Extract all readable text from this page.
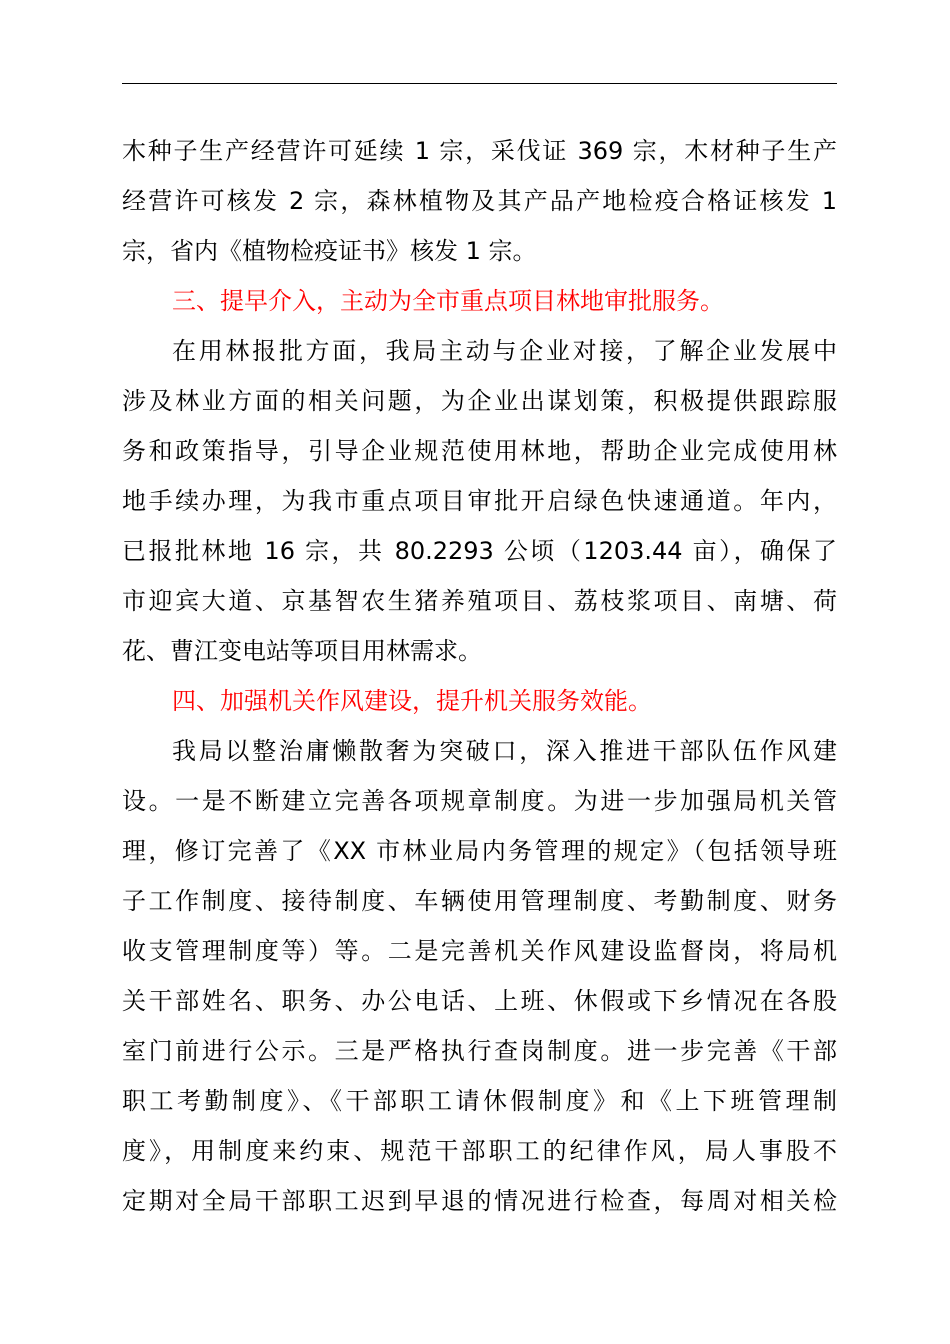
木种子生产经营许可延续 1 宗，采伐证 369 宗，木材种子生产
经营许可核发 2 宗，森林植物及其产品产地检疫合格证核发 1
宗，省内《植物检疫证书》核发 1 宗。
三、提早介入，主动为全市重点项目林地审批服务。
在用林报批方面，我局主动与企业对接，了解企业发展中
涉及林业方面的相关问题，为企业出谋划策，积极提供跟踪服
务和政策指导，引导企业规范使用林地，帮助企业完成使用林
地手续办理，为我市重点项目审批开启绿色快速通道。年内，
已报批林地 16 宗，共 80.2293 公顷（1203.44 亩），确保了
市迎宾大道、京基智农生猪养殖项目、荔枝浆项目、南塘、荷
花、曹江变电站等项目用林需求。
四、加强机关作风建设，提升机关服务效能。
我局以整治庸懒散奢为突破口，深入推进干部队伍作风建
设。一是不断建立完善各项规章制度。为进一步加强局机关管
理，修订完善了《XX 市林业局内务管理的规定》（包括领导班
子工作制度、接待制度、车辆使用管理制度、考勤制度、财务
收支管理制度等）等。二是完善机关作风建设监督岗，将局机
关干部姓名、职务、办公电话、上班、休假或下乡情况在各股
室门前进行公示。三是严格执行查岗制度。进一步完善《干部
职工考勤制度》、《干部职工请休假制度》和《上下班管理制
度》，用制度来约束、规范干部职工的纪律作风，局人事股不
定期对全局干部职工迟到早退的情况进行检查，每周对相关检
